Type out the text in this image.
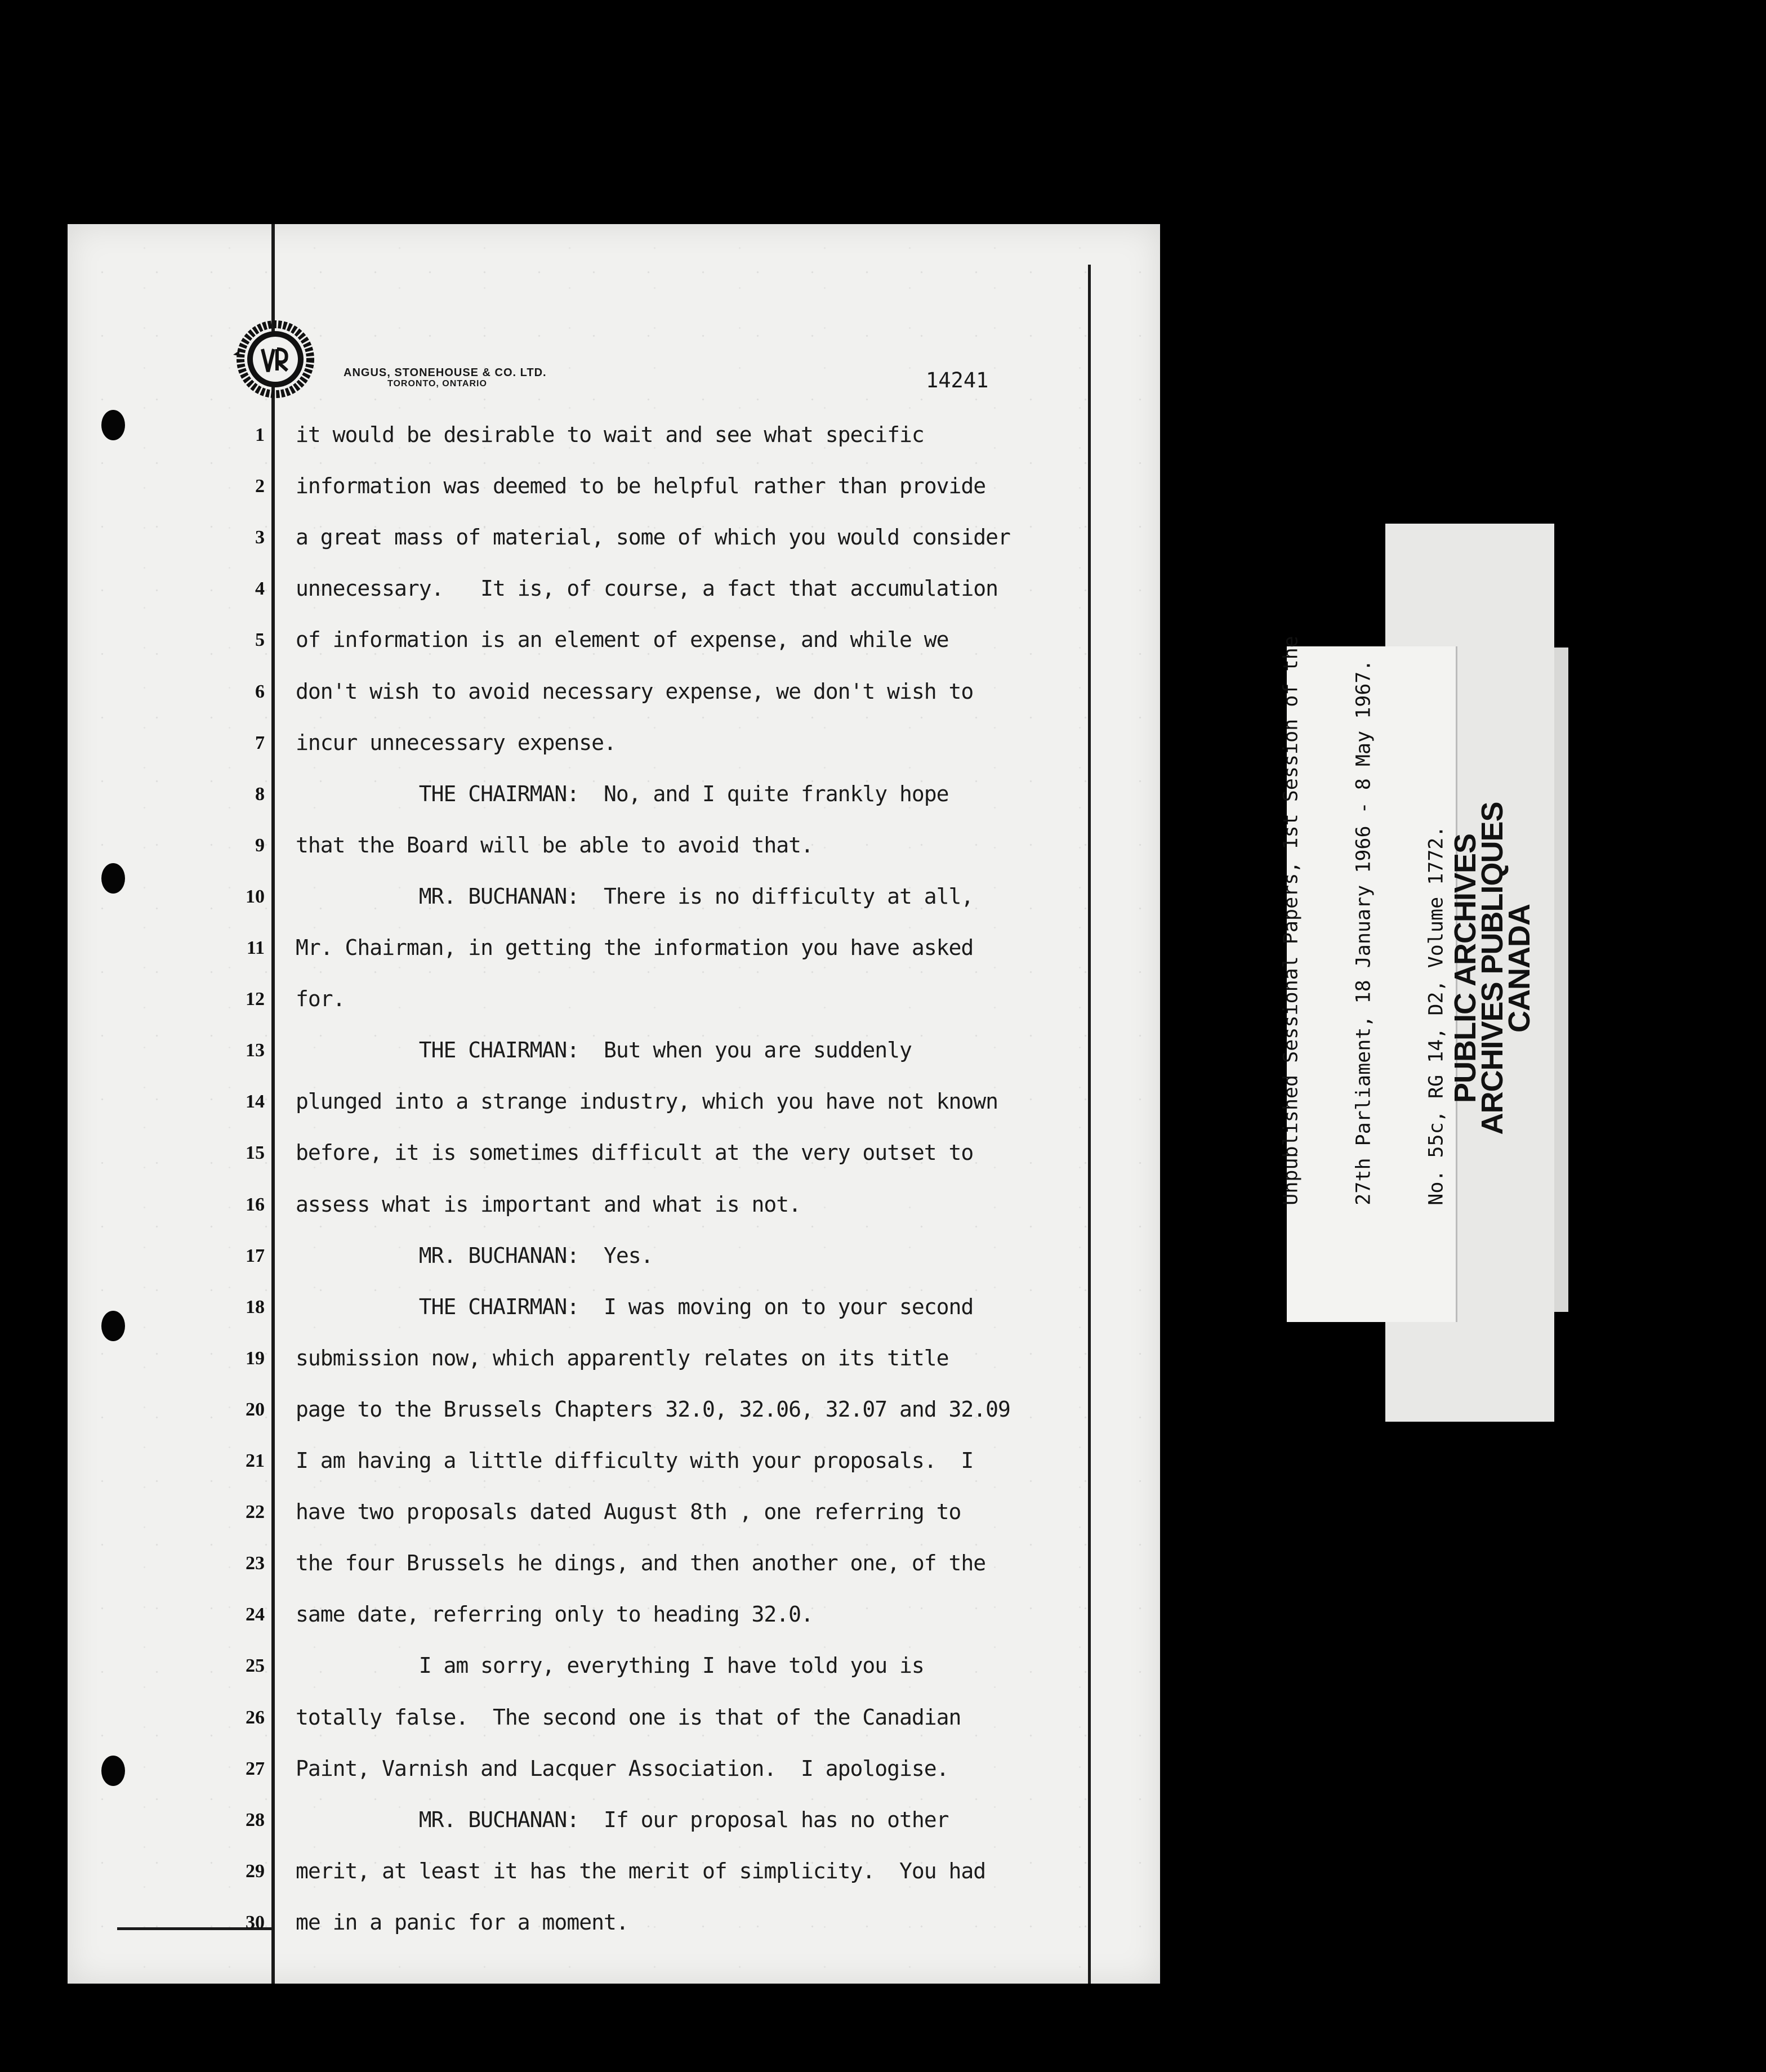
ANGUS, STONEHOUSE & CO. LTD.
TORONTO, ONTARIO	14241
1 it would be desirable to wait and see what specific
2 information was deemed to be helpful rather than provide
3 a great mass of material, some of which you would consider
4 unnecessary.   It is, of course, a fact that accumulation
5 of information is an element of expense, and while we
6 don't wish to avoid necessary expense, we don't wish to
7 incur unnecessary expense.
8 THE CHAIRMAN:  No, and I quite frankly hope
9 that the Board will be able to avoid that.
10 MR. BUCHANAN:  There is no difficulty at all,
11 Mr. Chairman, in getting the information you have asked
12 for.
13 THE CHAIRMAN:  But when you are suddenly
14 plunged into a strange industry, which you have not known
15 before, it is sometimes difficult at the very outset to
16 assess what is important and what is not.
17 MR. BUCHANAN:  Yes.
18 THE CHAIRMAN:  I was moving on to your second
19 submission now, which apparently relates on its title
20 page to the Brussels Chapters 32.0, 32.06, 32.07 and 32.09
21 I am having a little difficulty with your proposals.  I
22 have two proposals dated August 8th , one referring to
23 the four Brussels he dings, and then another one, of the
24 same date, referring only to heading 32.0.
25 I am sorry, everything I have told you is
26 totally false.  The second one is that of the Canadian
27 Paint, Varnish and Lacquer Association.  I apologise.
28 MR. BUCHANAN:  If our proposal has no other
29 merit, at least it has the merit of simplicity.  You had
30 me in a panic for a moment.

Unpublished Sessional Papers, 1st Session of the

	27th Parliament, 18 January 1966 - 8 May 1967.

	No. 55c, RG 14, D2, Volume 1772.

PUBLIC ARCHIVES
ARCHIVES PUBLIQUES
CANADA
